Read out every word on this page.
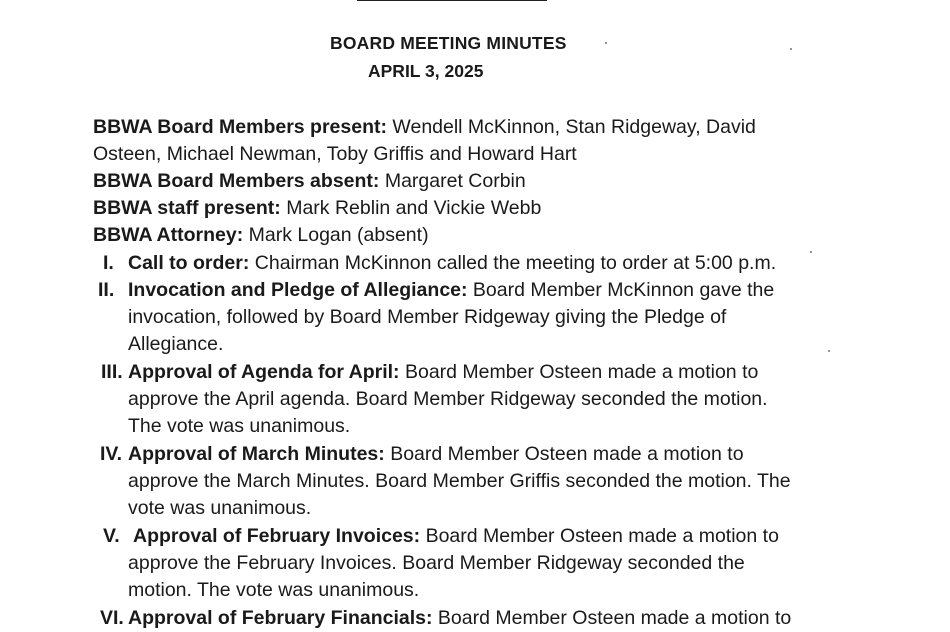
BOARD MEETING MINUTES
APRIL 3, 2025
BBWA Board Members present: Wendell McKinnon, Stan Ridgeway, David
Osteen, Michael Newman, Toby Griffis and Howard Hart
BBWA Board Members absent: Margaret Corbin
BBWA staff present: Mark Reblin and Vickie Webb
BBWA Attorney: Mark Logan (absent)
I. Call to order: Chairman McKinnon called the meeting to order at 5:00 p.m.
II. Invocation and Pledge of Allegiance: Board Member McKinnon gave the
invocation, followed by Board Member Ridgeway giving the Pledge of
Allegiance.
III. Approval of Agenda for April: Board Member Osteen made a motion to
approve the April agenda. Board Member Ridgeway seconded the motion.
The vote was unanimous.
IV. Approval of March Minutes: Board Member Osteen made a motion to
approve the March Minutes. Board Member Griffis seconded the motion. The
vote was unanimous.
V. Approval of February Invoices: Board Member Osteen made a motion to
approve the February Invoices. Board Member Ridgeway seconded the
motion. The vote was unanimous.
VI. Approval of February Financials: Board Member Osteen made a motion to
